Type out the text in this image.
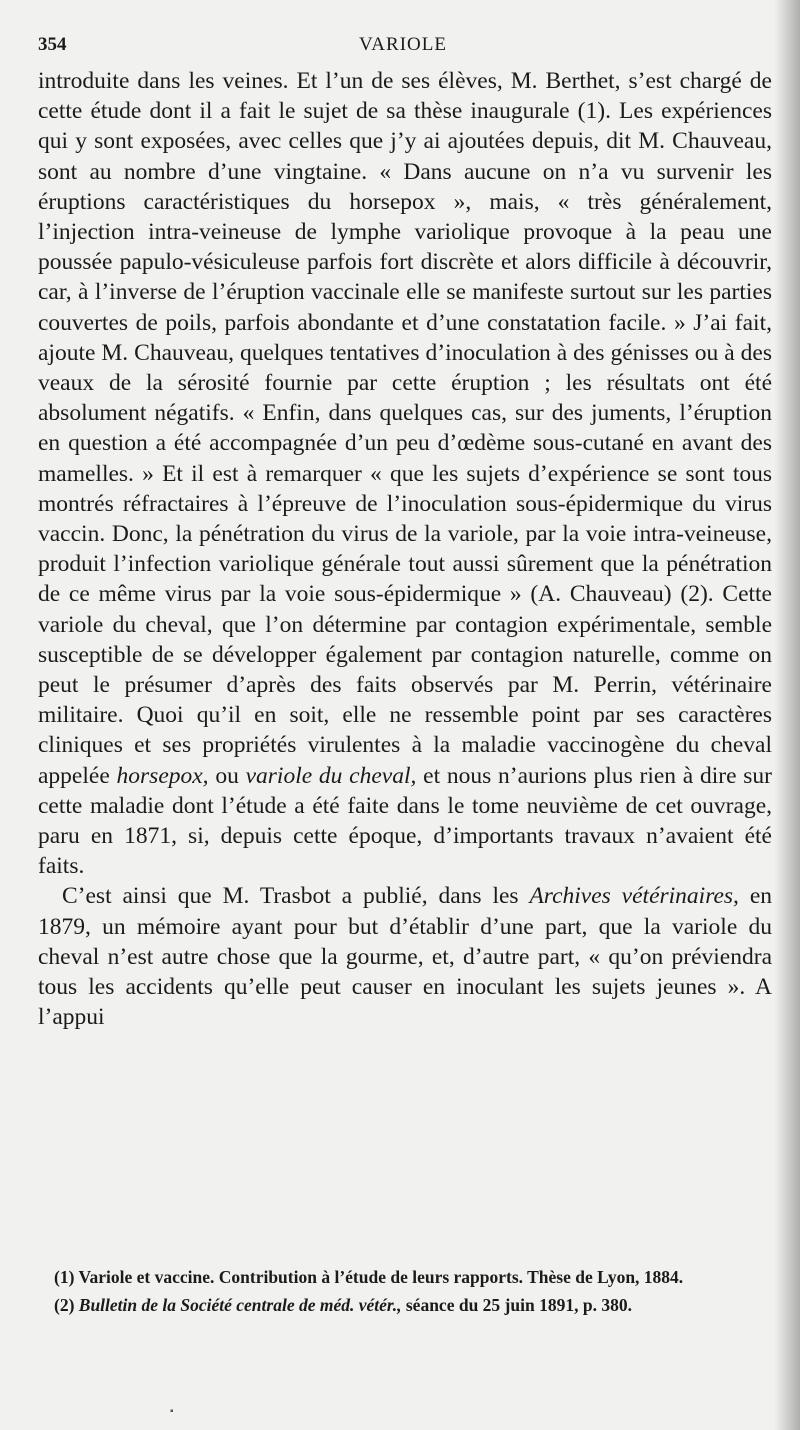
354	VARIOLE

introduite dans les veines. Et l’un de ses élèves, M. Berthet, s’est chargé de cette étude dont il a fait le sujet de sa thèse inaugurale (1). Les expériences qui y sont exposées, avec celles que j’y ai ajoutées depuis, dit M. Chauveau, sont au nombre d’une vingtaine. « Dans aucune on n’a vu survenir les éruptions caractéristiques du horsepox », mais, « très généralement, l’injection intra-veineuse de lymphe variolique provoque à la peau une poussée papulo-vésiculeuse parfois fort discrète et alors difficile à découvrir, car, à l’inverse de l’éruption vaccinale elle se manifeste surtout sur les parties couvertes de poils, parfois abondante et d’une constatation facile. » J’ai fait, ajoute M. Chauveau, quelques tentatives d’inoculation à des génisses ou à des veaux de la sérosité fournie par cette éruption ; les résultats ont été absolument négatifs. « Enfin, dans quelques cas, sur des juments, l’éruption en question a été accompagnée d’un peu d’œdème sous-cutané en avant des mamelles. » Et il est à remarquer « que les sujets d’expérience se sont tous montrés réfractaires à l’épreuve de l’inoculation sous-épidermique du virus vaccin. Donc, la pénétration du virus de la variole, par la voie intra-veineuse, produit l’infection variolique générale tout aussi sûrement que la pénétration de ce même virus par la voie sous-épidermique » (A. Chauveau) (2). Cette variole du cheval, que l’on détermine par contagion expérimentale, semble susceptible de se développer également par contagion naturelle, comme on peut le présumer d’après des faits observés par M. Perrin, vétérinaire militaire. Quoi qu’il en soit, elle ne ressemble point par ses caractères cliniques et ses propriétés virulentes à la maladie vaccinogène du cheval appelée horsepox, ou variole du cheval, et nous n’aurions plus rien à dire sur cette maladie dont l’étude a été faite dans le tome neuvième de cet ouvrage, paru en 1871, si, depuis cette époque, d’importants travaux n’avaient été faits.

C’est ainsi que M. Trasbot a publié, dans les Archives vétérinaires, en 1879, un mémoire ayant pour but d’établir d’une part, que la variole du cheval n’est autre chose que la gourme, et, d’autre part, « qu’on préviendra tous les accidents qu’elle peut causer en inoculant les sujets jeunes ». A l’appui

(1) Variole et vaccine. Contribution à l’étude de leurs rapports. Thèse de Lyon, 1884.

(2) Bulletin de la Société centrale de méd. vétér., séance du 25 juin 1891, p. 380.

▪
